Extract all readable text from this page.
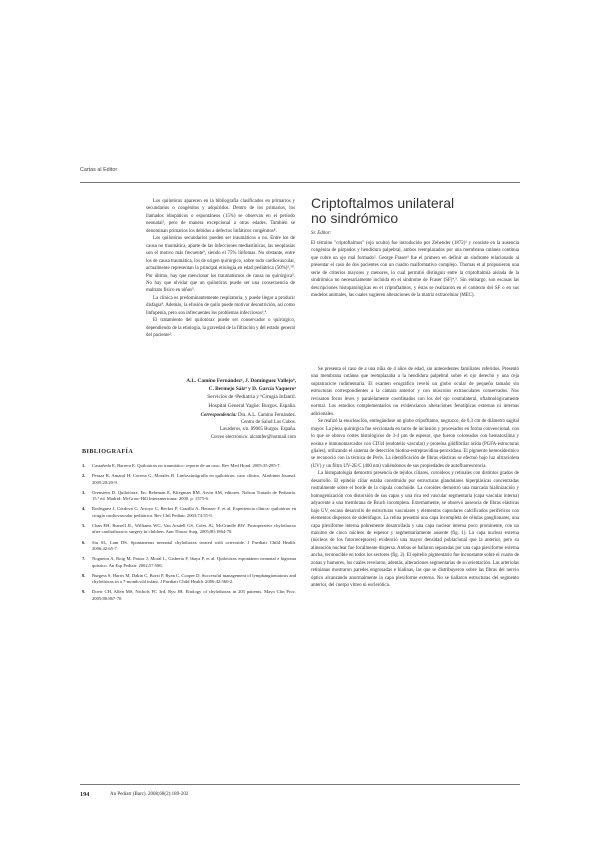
Cartas al Editor

Los quilotórax aparecen en la bibliografía clasificados en primarios y secundarios o congénitos y adquiridos. Dentro de los primarios, los llamados idiopáticos o espontáneos (15%) se observan en el período neonatal¹, pero de manera excepcional a otras edades. También se denominan primarios los debidos a defectos linfáticos congénitos⁸.

Los quilotórax secundarios pueden ser traumáticos o no. Entre los de causa no traumática, aparte de las infecciones mediastínicas, las neoplasias son el motivo más frecuente⁹, siendo el 75% linfomas. No obstante, entre los de causa traumática, los de origen quirúrgico, sobre todo cardiovascular, actualmente representan la principal etiología en edad pediátrica (50%)⁵,¹⁰. Por último, hay que mencionar los traumatismos de causa no quirúrgica⁵. No hay que olvidar que un quilotórax puede ser una consecuencia de maltrato físico en niños⁵.

La clínica es predominantemente respiratoria, y puede llegar a producir disfagia⁸. Además, la efusión de quilo puede motivar desnutrición, así como linfopenia, pero son infrecuentes los problemas infecciosos³,⁴.

El tratamiento del quilotórax puede ser conservador o quirúrgico, dependiendo de la etiología, la gravedad de la filtración y del estado general del paciente².

A.L. Camino Fernándezᵃ, J. Domínguez Vallejoᵇ,
C. Bermejo Sáizᵃ y D. García Vaqueroᵃ
Servicios de ᵃPediatría y ᵇCirugía Infantil.
Hospital General Yagüe. Burgos. España.
Correspondencia: Dra. A.L. Camino Fernández.
Centro de Salud Los Cubos.
Lavaderos, s/n. 09005 Burgos. España.
Correo electrónico: alcamfer@hotmail.com
BIBLIOGRAFÍA
1. Castañeda E, Barrera E. Quilotórax no traumático: reporte de un caso. Rev Med Hond. 2005;35:285-7.
2. Peraza R, Amaral H, Correia G, Morales B. Linfoscintigrafía en quilotórax: caso clínico. Alasbimn Journal. 2005;20:20-9.
3. Orenstein D. Quilotórax. En: Behrman E, Kliegman RM, Arvin AM, editores. Nelson Tratado de Pediatría. 15.ª ed. Madrid: McGraw-Hill Interamericana; 2000. p. 1575-6.
4. Rodríguez J, Córdova G, Arroyo C, Becker P, Castillo A, Heusser F, et al. Experiencia clínica: quilotórax en cirugía cardiovascular pediátrica. Rev Chil Pediatr. 2003;74:55-9.
5. Chan EH, Russell JL, Williams WG, Van Arsdell GS, Coles JG, McCrindle BW. Postoperative chylothorax after cardiothoracic surgery in children. Ann Thorac Surg. 2005;80:1864-70.
6. Siu SL, Lam DS. Spontaneous neonatal chylothorax treated with octreotide. J Paediatr Child Health. 2006;42:65-7.
7. Nogueira A, Roig M, Pastor J, Moral L, Gisberta F, Iñaya P, et al. Quilotórax espontáneo neonatal e higroma quístico. An Esp Pediatr. 2002;57:586.
8. Burgess S, Harris M, Dakin C, Borzi P, Ryan C, Cooper D. Successful management of lymphangiomatosis and chylothorax in a 7-month-old infant. J Paediatr Child Health. 2006;42:560-2.
9. Doerr CH, Allen MS, Nichols FC 3rd, Ryu JH. Etiology of chylothorax in 203 patients. Mayo Clin Proc. 2005;80:867-70.
Criptoftalmos unilateral
no sindrómico
Sr. Editor:

El término "criptoftalmos" (ojo oculto) fue introducido por Zehender (1872)¹ y consiste en la ausencia congénita de párpados y hendidura palpebral, ambos reemplazados por una membrana cutánea continua que cubre un ojo mal formado². George Fraser³ fue el primero en definir un síndrome relacionado al presentar el caso de dos pacientes con un cuadro malformativo complejo. Thomas et al propusieron una serie de criterios mayores y menores, lo cual permitió distinguir entre la criptoftalmía aislada de la sindrómica no necesariamente incluida en el síndrome de Fraser (SF)⁴,⁵. Sin embargo, son escasas las descripciones histopatológicas en el criptoftalmos, y éstas se realizaron en el contexto del SF o en sus modelos animales, las cuales sugieren alteraciones de la matriz extracelular (MEC).

Se presenta el caso de a una niña de 4 años de edad, sin antecedentes familiares referidos. Presentó una membrana cutánea que reemplazaba a la hendidura palpebral sobre el ojo derecho y una ceja supratracicre rudimentaria. El examen ecográfico reveló un globo ocular de pequeño tamaño sin estructuras correspondientes a la cámara anterior y con músculos extraoculares conservados. Nos revisaron focos leves y paralelamente coordinados con los del ojo contralateral, oftalmológicamente normal. Los estudios complementarios no evidenciaron alteraciones fenotípicas externas ni internas adicionales.

Se realizó la enucleación, entregándose un globo cripoftlamo, negruzco, de 0,3 cm de diámetro sagital mayor. La pieza quirúrgica fue seccionada en tacos de inclusión y procesados en forma convencional, con lo que se obtuvo cortes histológicos de 3-4 µm de espesor, que fueron coloreados con hematoxilina y eosina e inmunomarcados con CD34 (endotelio vascular) y proteína glidfibrilar ácida (PGFA-estructuras gliales), utilizando el sistema de detección biotina-estreptavidina-peroxidasa. El pigmento hemosiderínico se reconoció con la técnica de Perls. La identificación de fibras elásticas se efectuó bajo luz ultravioleta (UV) y un filtro UV-2E/C (400 nm) valiéndonos de sus propiedades de autofluorescencia.

La histopatología demostró presencia de tejidos ciliares, coroideos y retinales con distintos grados de desarrollo. El epitelio ciliar estaba constituido por estructuras glandulares hiperplásicas concentradas rostralmente sobre el borde de la cúpula conchoide. La coroides demostró una marcada hialinización y homogenización con distorsión de sus capas y una rica red vascular segmentaria (capa vascular interna) adyacente a una membrana de Bruch incompleta. Externamente, se observó ausencia de fibras elásticas bajo UV, escaso desarrollo de estructuras vasculares y elementos capsulares calcificados periféricos con elementos dispersos de siderófagos. La retina presentó una capa incompleta de células ganglionares, una capa plexiforme interna pobremente desarrollada y una capa nuclear interna poco prominente, con un máximo de cinco núcleos de espesor y segmentariamente ausente (fig. 1). La capa nuclear externa (núcleos de los fotorreceptores) evidenció una mayor densidad poblacional que la anterior, pero su alineación nuclear fue focalmente dispersa. Ambas se hallaron separadas por una capa plexiforme externa ancha, reconocible en todos los sectores (fig. 2). El epitelio pigmentario fue inconstante sobre el cuarto de zonas y humores, los cuales revelaron, además, alteraciones segmentarias de su orientación. Las arteriolas retinianas mostraron paredes engrosadas e hialinas, las que se distribuyeron sobre las fibras del nervio óptico alcanzando anormalmente la capa plexiforme externa. No se hallaron estructuras del segmento anterior, del cuerpo vítreo ni esclerótica.

194	An Pediatr (Barc). 2008;68(2):189-202
